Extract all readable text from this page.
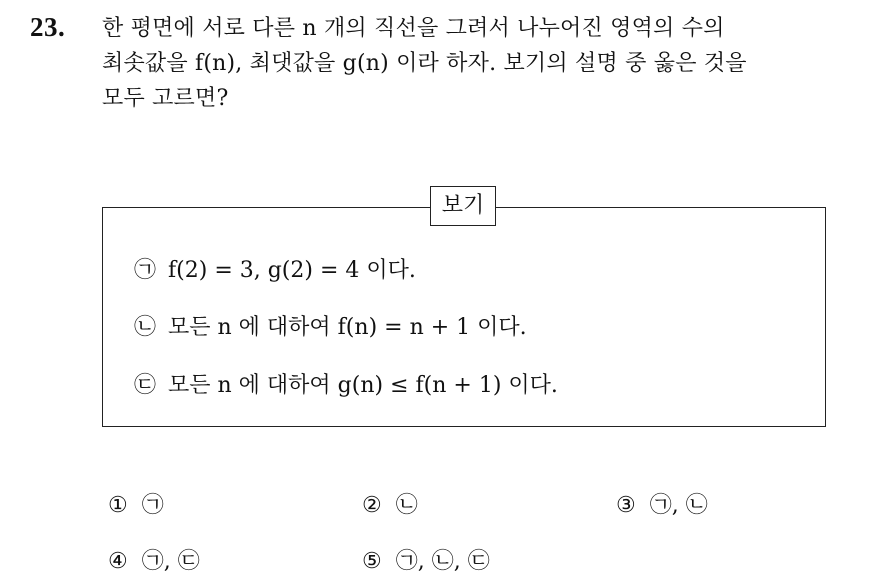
23. 한 평면에 서로 다른 n 개의 직선을 그려서 나누어진 영역의 수의
최솟값을 f(n), 최댓값을 g(n) 이라 하자. 보기의 설명 중 옳은 것을
모두 고르면?
보기
㉠ f(2) = 3, g(2) = 4 이다.
㉡ 모든 n 에 대하여 f(n) = n + 1 이다.
㉢ 모든 n 에 대하여 g(n) ≤ f(n + 1) 이다.
① ㉠	② ㉡	③ ㉠, ㉡
④ ㉠, ㉢	⑤ ㉠, ㉡, ㉢
